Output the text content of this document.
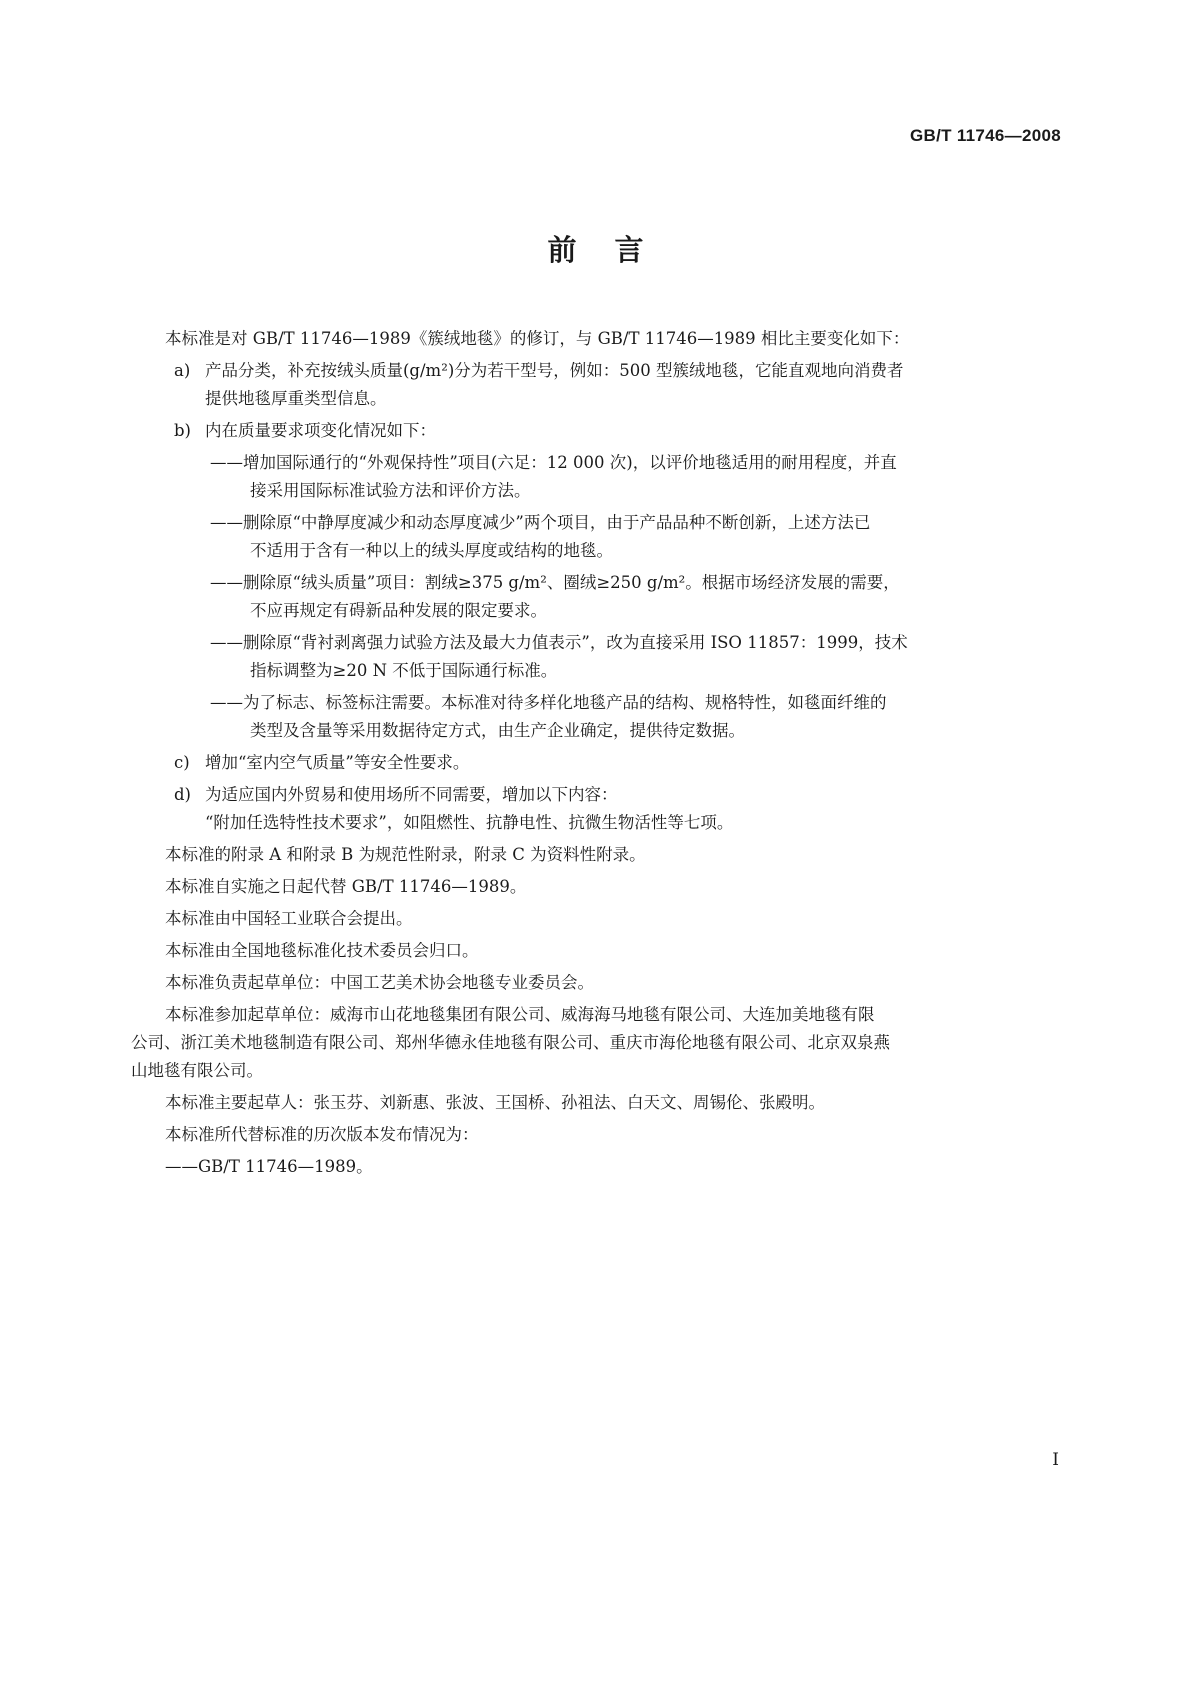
GB/T 11746—2008
前言
本标准是对 GB/T 11746—1989《簇绒地毯》的修订，与 GB/T 11746—1989 相比主要变化如下：
a) 产品分类，补充按绒头质量(g/m²)分为若干型号，例如：500 型簇绒地毯，它能直观地向消费者
提供地毯厚重类型信息。
b) 内在质量要求项变化情况如下：
——增加国际通行的“外观保持性”项目(六足：12 000 次)，以评价地毯适用的耐用程度，并直
接采用国际标准试验方法和评价方法。
——删除原“中静厚度减少和动态厚度减少”两个项目，由于产品品种不断创新，上述方法已
不适用于含有一种以上的绒头厚度或结构的地毯。
——删除原“绒头质量”项目：割绒≥375 g/m²、圈绒≥250 g/m²。根据市场经济发展的需要，
不应再规定有碍新品种发展的限定要求。
——删除原“背衬剥离强力试验方法及最大力值表示”，改为直接采用 ISO 11857：1999，技术
指标调整为≥20 N 不低于国际通行标准。
——为了标志、标签标注需要。本标准对待多样化地毯产品的结构、规格特性，如毯面纤维的
类型及含量等采用数据待定方式，由生产企业确定，提供待定数据。
c) 增加“室内空气质量”等安全性要求。
d) 为适应国内外贸易和使用场所不同需要，增加以下内容：
“附加任选特性技术要求”，如阻燃性、抗静电性、抗微生物活性等七项。
本标准的附录 A 和附录 B 为规范性附录，附录 C 为资料性附录。
本标准自实施之日起代替 GB/T 11746—1989。
本标准由中国轻工业联合会提出。
本标准由全国地毯标准化技术委员会归口。
本标准负责起草单位：中国工艺美术协会地毯专业委员会。
本标准参加起草单位：威海市山花地毯集团有限公司、威海海马地毯有限公司、大连加美地毯有限
公司、浙江美术地毯制造有限公司、郑州华德永佳地毯有限公司、重庆市海伦地毯有限公司、北京双泉燕
山地毯有限公司。
本标准主要起草人：张玉芬、刘新惠、张波、王国桥、孙祖法、白天文、周锡伦、张殿明。
本标准所代替标准的历次版本发布情况为：
——GB/T 11746—1989。
I
